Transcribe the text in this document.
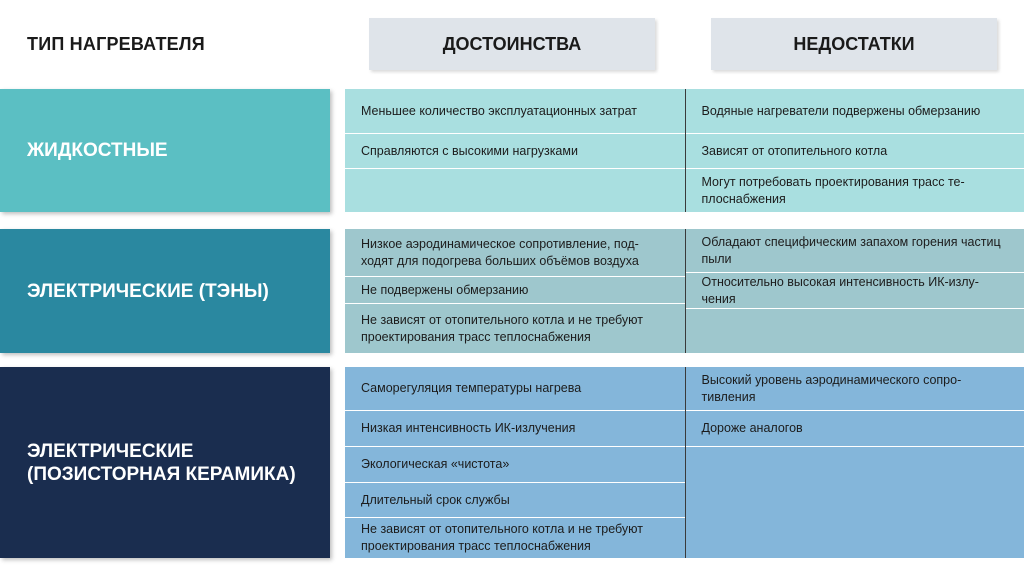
ТИП НАГРЕВАТЕЛЯ	ДОСТОИНСТВА	НЕДОСТАТКИ
ЖИДКОСТНЫЕ
Меньшее количество эксплуатационных затрат
Справляются с высокими нагрузками
Водяные нагреватели подвержены обмерзанию
Зависят от отопительного котла
Могут потребовать проектирования трасс те-плоснабжения
ЭЛЕКТРИЧЕСКИЕ (ТЭНЫ)
Низкое аэродинамическое сопротивление, под-ходят для подогрева больших объёмов воздуха
Не подвержены обмерзанию
Не зависят от отопительного котла и не требуют проектирования трасс теплоснабжения
Обладают специфическим запахом горения частиц пыли
Относительно высокая интенсивность ИК-излу-чения
ЭЛЕКТРИЧЕСКИЕ (ПОЗИСТОРНАЯ КЕРАМИКА)
Саморегуляция температуры нагрева
Низкая интенсивность ИК-излучения
Экологическая «чистота»
Длительный срок службы
Не зависят от отопительного котла и не требуют проектирования трасс теплоснабжения
Высокий уровень аэродинамического сопро-тивления
Дороже аналогов
